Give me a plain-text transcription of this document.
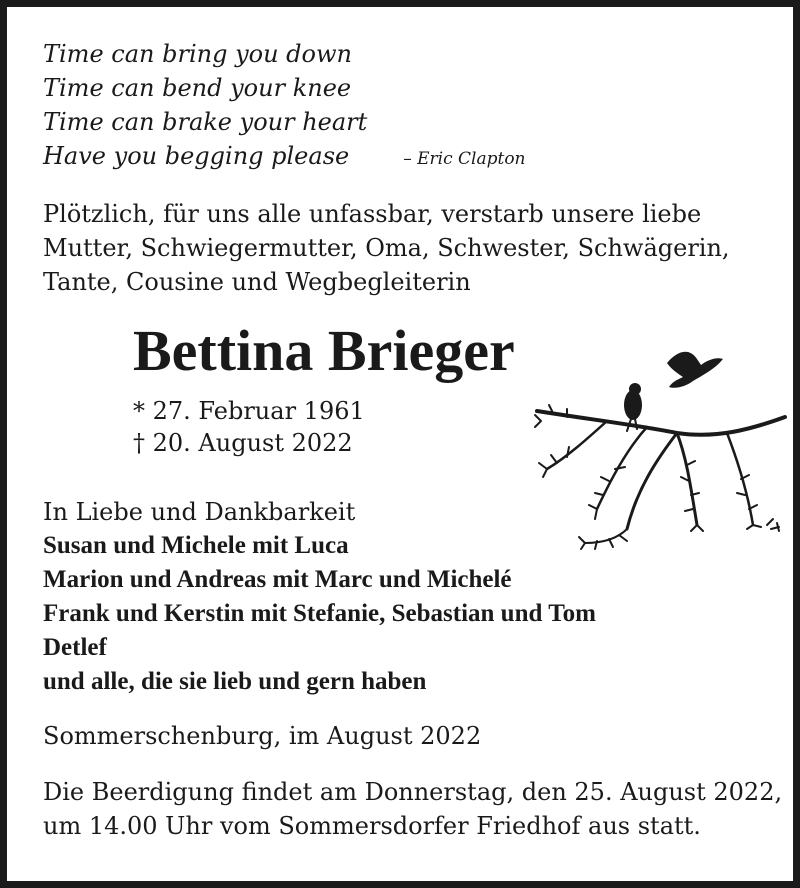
Time can bring you down
Time can bend your knee
Time can brake your heart
Have you begging please	– Eric Clapton
Plötzlich, für uns alle unfassbar, verstarb unsere liebe
Mutter, Schwiegermutter, Oma, Schwester, Schwägerin,
Tante, Cousine und Wegbegleiterin
Bettina Brieger
* 27. Februar 1961
† 20. August 2022
In Liebe und Dankbarkeit
Susan und Michele mit Luca
Marion und Andreas mit Marc und Michelé
Frank und Kerstin mit Stefanie, Sebastian und Tom
Detlef
und alle, die sie lieb und gern haben
Sommerschenburg, im August 2022
Die Beerdigung findet am Donnerstag, den 25. August 2022,
um 14.00 Uhr vom Sommersdorfer Friedhof aus statt.
